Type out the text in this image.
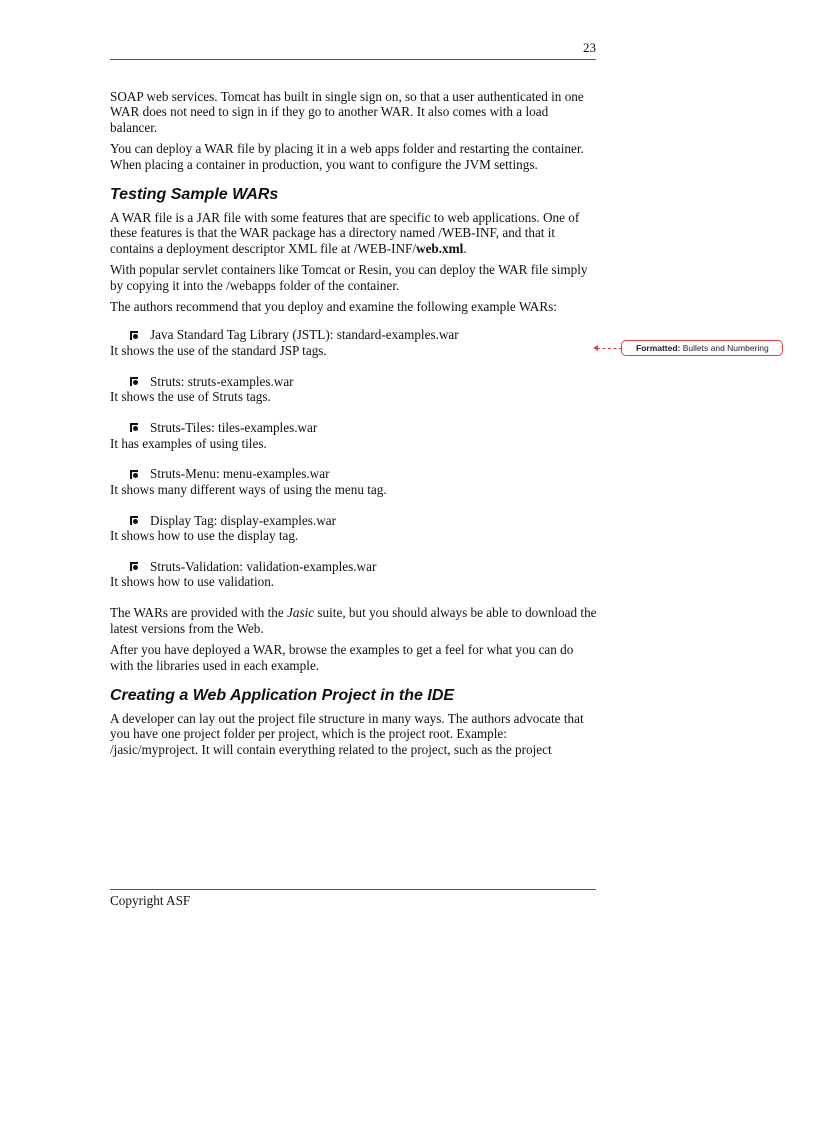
23

SOAP web services. Tomcat has built in single sign on, so that a user authenticated in one WAR does not need to sign in if they go to another WAR. It also comes with a load balancer.

You can deploy a WAR file by placing it in a web apps folder and restarting the container. When placing a container in production, you want to configure the JVM settings.

Testing Sample WARs

A WAR file is a JAR file with some features that are specific to web applications. One of these features is that the WAR package has a directory named /WEB-INF, and that it contains a deployment descriptor XML file at /WEB-INF/web.xml.

With popular servlet containers like Tomcat or Resin, you can deploy the WAR file simply by copying it into the /webapps folder of the container.

The authors recommend that you deploy and examine the following example WARs:

Java Standard Tag Library (JSTL): standard-examples.war
It shows the use of the standard JSP tags.
Struts: struts-examples.war
It shows the use of Struts tags.
Struts-Tiles: tiles-examples.war
It has examples of using tiles.
Struts-Menu: menu-examples.war
It shows many different ways of using the menu tag.
Display Tag: display-examples.war
It shows how to use the display tag.
Struts-Validation: validation-examples.war
It shows how to use validation.

The WARs are provided with the Jasic suite, but you should always be able to download the latest versions from the Web.

After you have deployed a WAR, browse the examples to get a feel for what you can do with the libraries used in each example.

Creating a Web Application Project in the IDE

A developer can lay out the project file structure in many ways. The authors advocate that you have one project folder per project, which is the project root. Example: /jasic/myproject. It will contain everything related to the project, such as the project

Formatted: Bullets and Numbering
Copyright ASF
